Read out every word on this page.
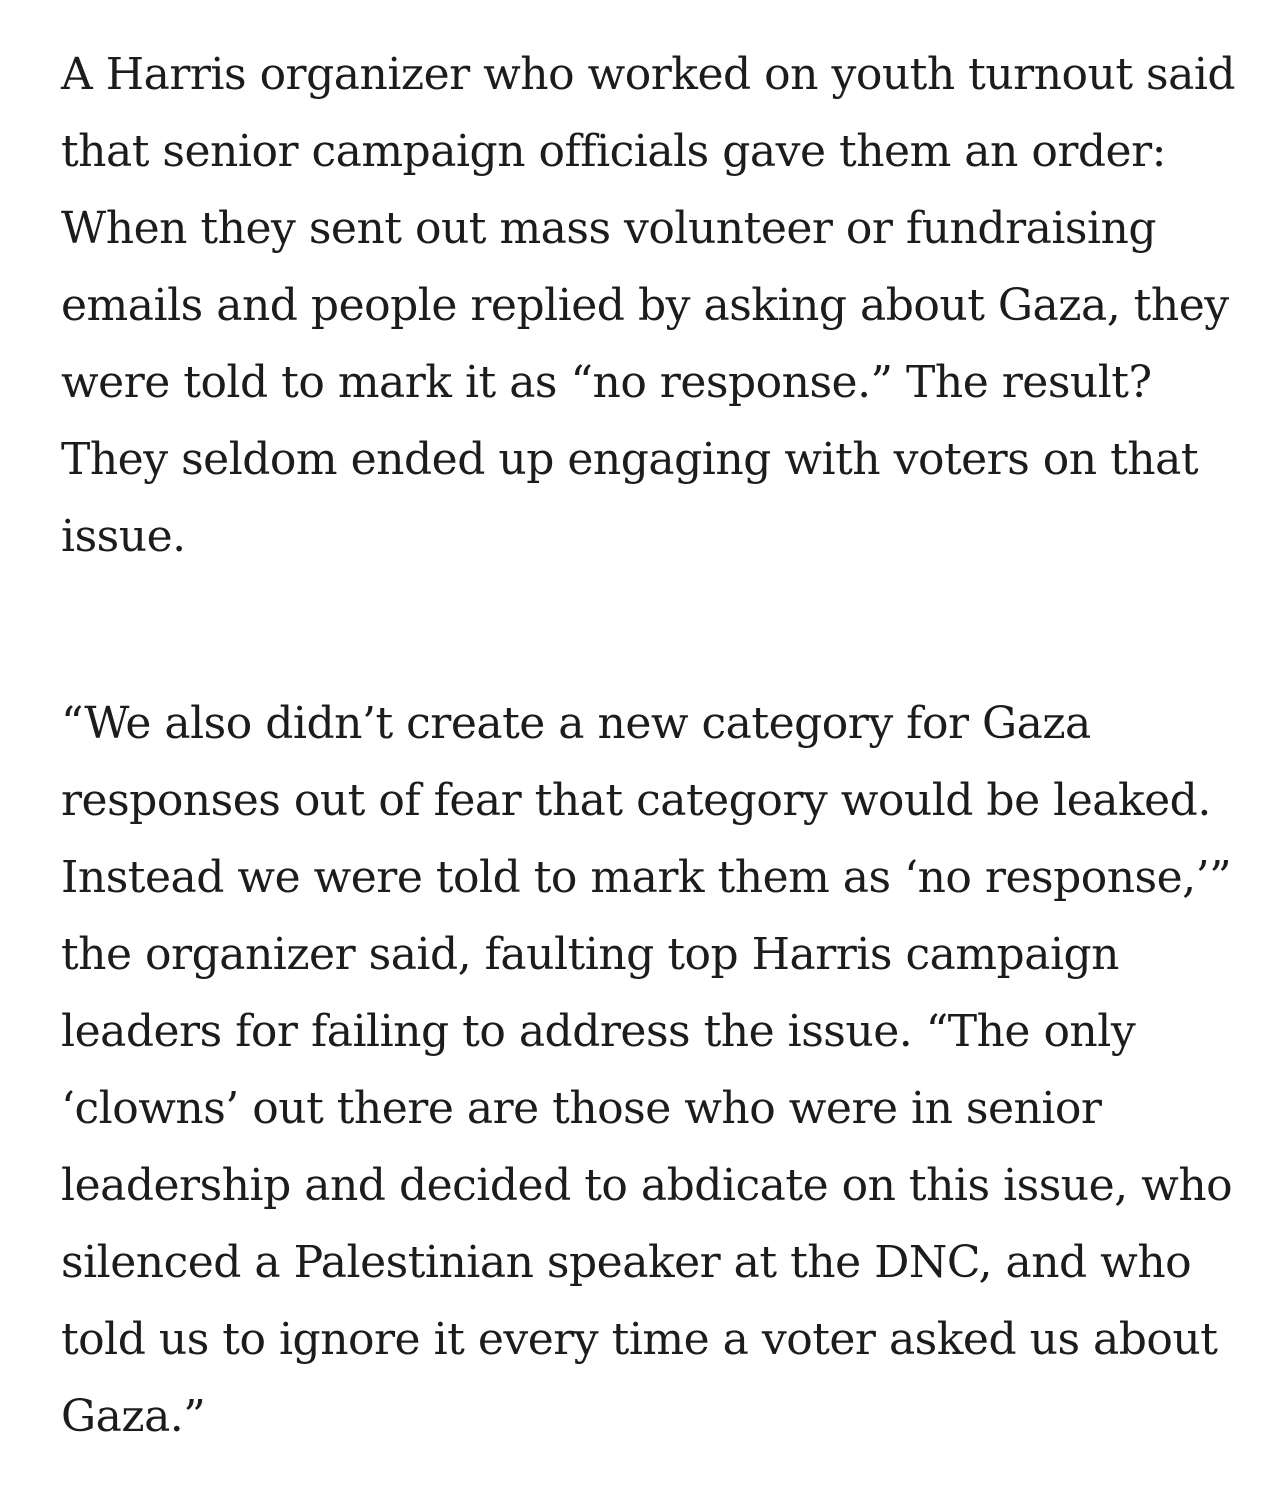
A Harris organizer who worked on youth turnout said
that senior campaign officials gave them an order:
When they sent out mass volunteer or fundraising
emails and people replied by asking about Gaza, they
were told to mark it as “no response.” The result?
They seldom ended up engaging with voters on that
issue.
“We also didn’t create a new category for Gaza
responses out of fear that category would be leaked.
Instead we were told to mark them as ‘no response,’”
the organizer said, faulting top Harris campaign
leaders for failing to address the issue. “The only
‘clowns’ out there are those who were in senior
leadership and decided to abdicate on this issue, who
silenced a Palestinian speaker at the DNC, and who
told us to ignore it every time a voter asked us about
Gaza.”
